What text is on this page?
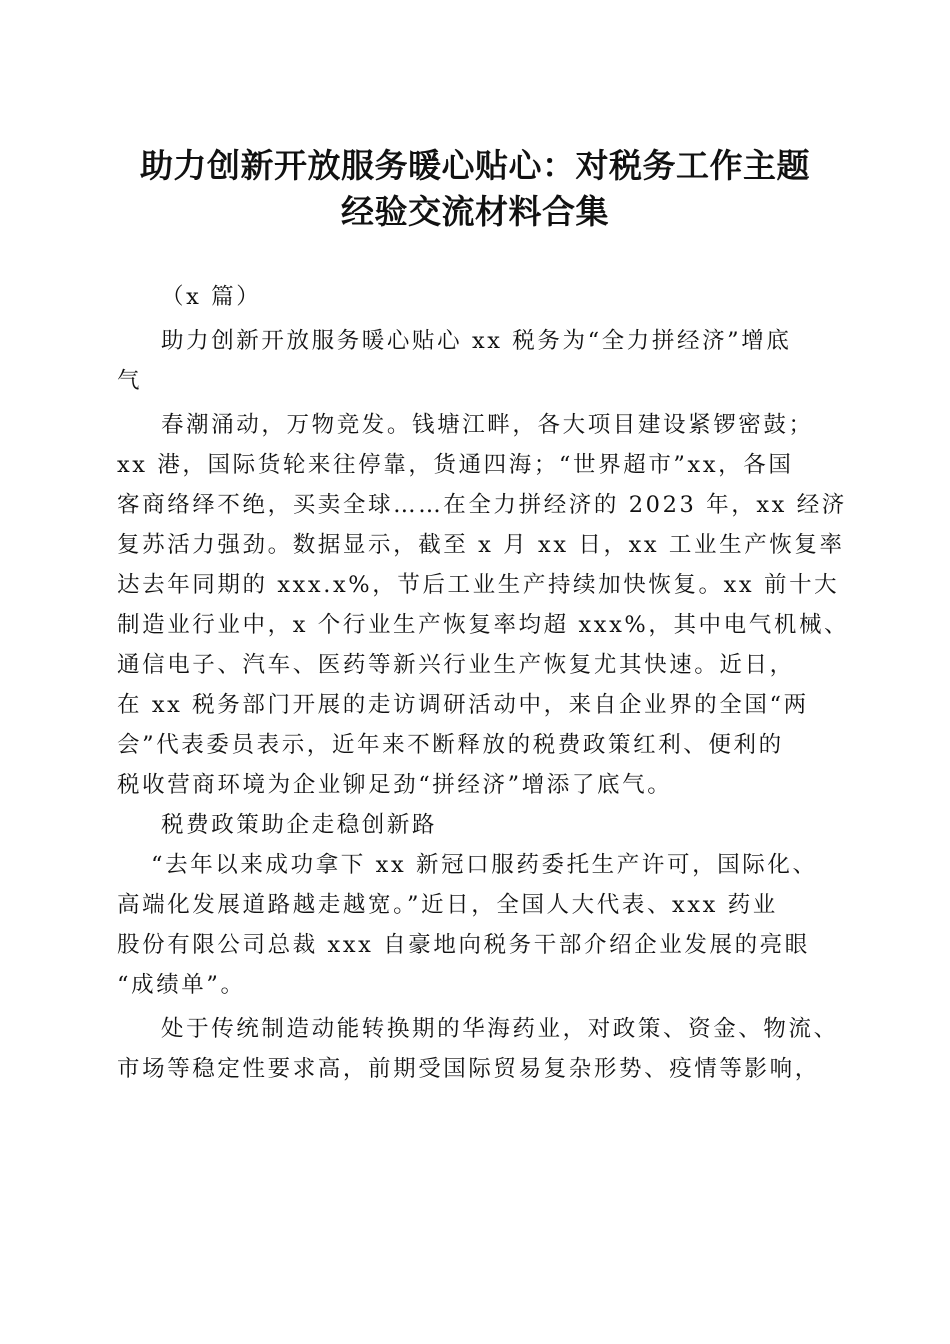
助力创新开放服务暖心贴心：对税务工作主题
经验交流材料合集

（x 篇）

助力创新开放服务暖心贴心 xx 税务为“全力拼经济”增底

气

春潮涌动，万物竞发。钱塘江畔，各大项目建设紧锣密鼓；

xx 港，国际货轮来往停靠，货通四海；“世界超市”xx，各国

客商络绎不绝，买卖全球……在全力拼经济的 2023 年，xx 经济

复苏活力强劲。数据显示，截至 x 月 xx 日，xx 工业生产恢复率

达去年同期的 xxx.x%，节后工业生产持续加快恢复。xx 前十大

制造业行业中，x 个行业生产恢复率均超 xxx%，其中电气机械、

通信电子、汽车、医药等新兴行业生产恢复尤其快速。近日，

在 xx 税务部门开展的走访调研活动中，来自企业界的全国“两

会”代表委员表示，近年来不断释放的税费政策红利、便利的

税收营商环境为企业铆足劲“拼经济”增添了底气。

税费政策助企走稳创新路

“去年以来成功拿下 xx 新冠口服药委托生产许可，国际化、

高端化发展道路越走越宽。”近日，全国人大代表、xxx 药业

股份有限公司总裁 xxx 自豪地向税务干部介绍企业发展的亮眼

“成绩单”。

处于传统制造动能转换期的华海药业，对政策、资金、物流、

市场等稳定性要求高，前期受国际贸易复杂形势、疫情等影响，
